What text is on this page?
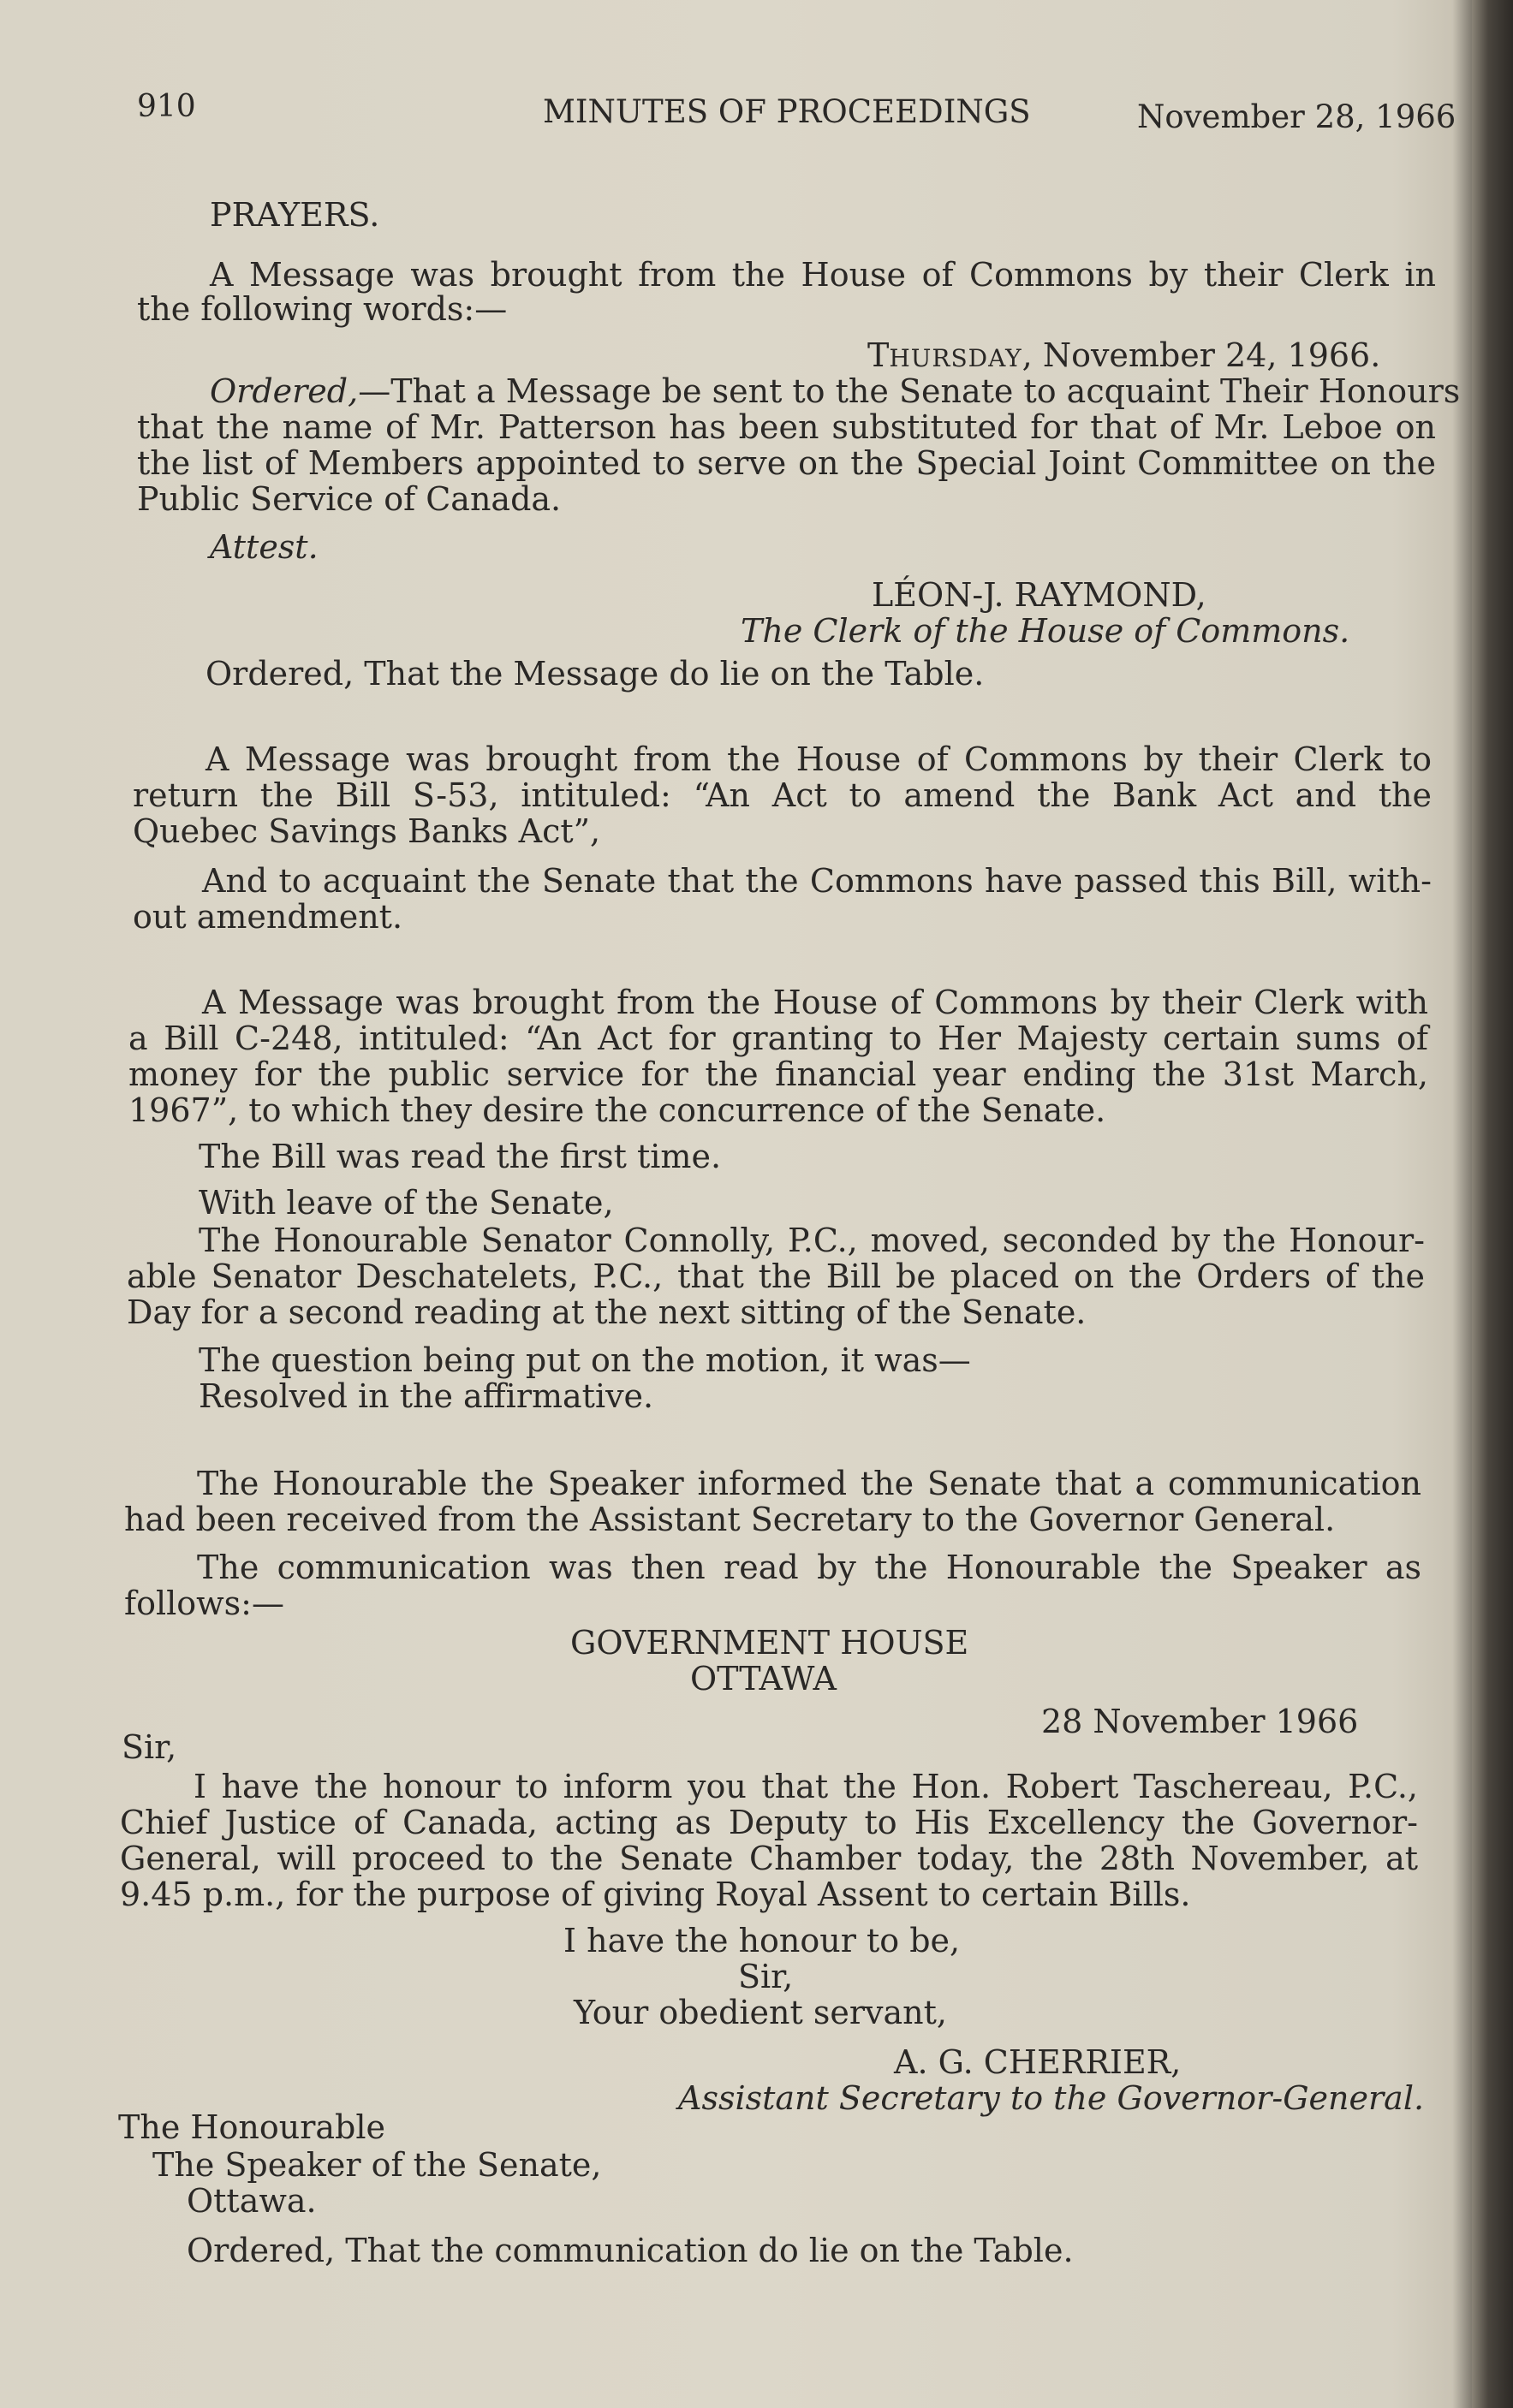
910	MINUTES OF PROCEEDINGS	November 28, 1966
PRAYERS.
A Message was brought from the House of Commons by their Clerk in
the following words:—
THURSDAY, November 24, 1966.
Ordered, —That a Message be sent to the Senate to acquaint Their Honours
that the name of Mr. Patterson has been substituted for that of Mr. Leboe on
the list of Members appointed to serve on the Special Joint Committee on the
Public Service of Canada.
Attest.
LÉON-J. RAYMOND,
The Clerk of the House of Commons.
Ordered, That the Message do lie on the Table.
A Message was brought from the House of Commons by their Clerk to
return the Bill S-53, intituled: “An Act to amend the Bank Act and the
Quebec Savings Banks Act”,
And to acquaint the Senate that the Commons have passed this Bill, with-
out amendment.
A Message was brought from the House of Commons by their Clerk with
a Bill C-248, intituled: “An Act for granting to Her Majesty certain sums of
money for the public service for the financial year ending the 31st March,
1967”, to which they desire the concurrence of the Senate.
The Bill was read the first time.
With leave of the Senate,
The Honourable Senator Connolly, P.C., moved, seconded by the Honour-
able Senator Deschatelets, P.C., that the Bill be placed on the Orders of the
Day for a second reading at the next sitting of the Senate.
The question being put on the motion, it was—
Resolved in the affirmative.
The Honourable the Speaker informed the Senate that a communication
had been received from the Assistant Secretary to the Governor General.
The communication was then read by the Honourable the Speaker as
follows:—
GOVERNMENT HOUSE
OTTAWA
28 November 1966
Sir,
I have the honour to inform you that the Hon. Robert Taschereau, P.C.,
Chief Justice of Canada, acting as Deputy to His Excellency the Governor-
General, will proceed to the Senate Chamber today, the 28th November, at
9.45 p.m., for the purpose of giving Royal Assent to certain Bills.
I have the honour to be,
Sir,
Your obedient servant,
A. G. CHERRIER,
Assistant Secretary to the Governor-General.
The Honourable
The Speaker of the Senate,
Ottawa.
Ordered, That the communication do lie on the Table.
